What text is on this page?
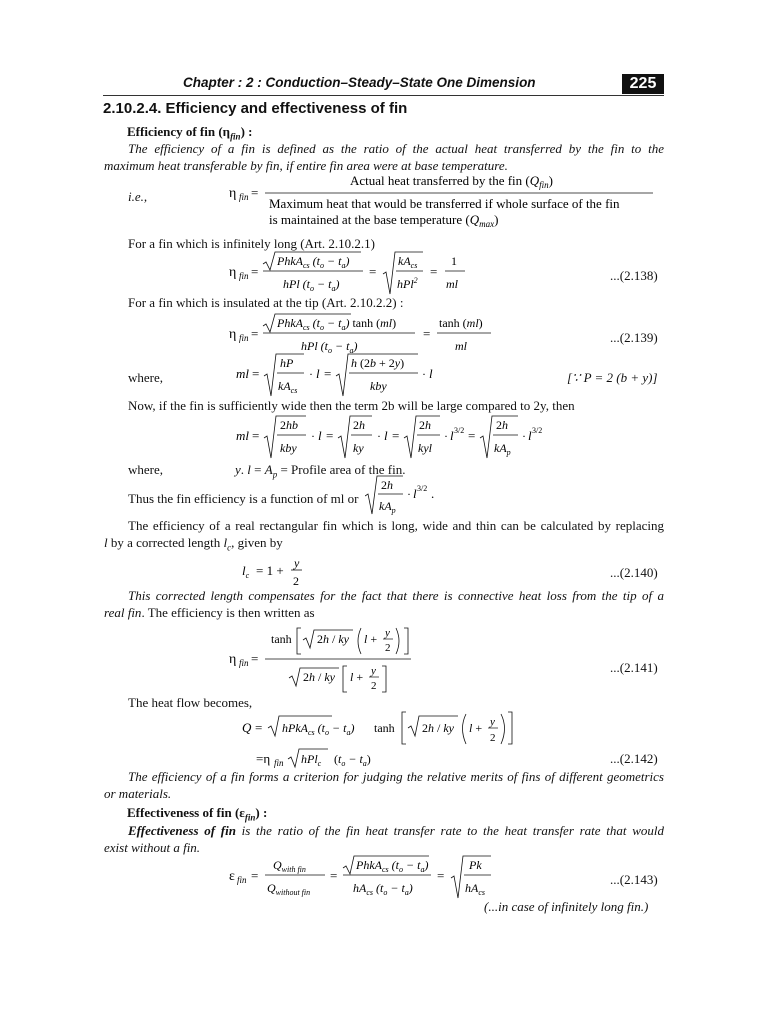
Chapter : 2 : Conduction–Steady–State One Dimension	225
2.10.2.4. Efficiency and effectiveness of fin
Efficiency of fin $(\eta_{fin})$ :
The efficiency of a fin is defined as the ratio of the actual heat transferred by the fin to the
maximum heat transferable by fin, if entire fin area were at base temperature.
i.e.,	η fin =
Actual heat transferred by the fin $(Q_{fin})$
Maximum heat that would be transferred if whole surface of the fin
is maintained at the base temperature $(Q_{max})$
For a fin which is infinitely long (Art. 2.10.2.1)
η fin =
PhkA$_{cs}$ $(t_o - t_a)$
hPl $(t_o - t_a)$
=
$kA_{cs}$
hPl$^2$
=
1
ml
...(2.138)
For a fin which is insulated at the tip (Art. 2.10.2.2) :
η fin =
PhkA$_{cs}$ $(t_o - t_a)$ tanh (ml)
hPl $(t_o - t_a)$
=
tanh (ml)
ml
...(2.139)
where,	ml =
hP
$kA_{cs}$
· l =
h (2b + 2y)
kby
· l	[∵ P = 2 (b + y)]
Now, if the fin is sufficiently wide then the term 2b will be large compared to 2y, then
ml =
2hb
kby
· l =
2h
ky
· l =
2h
kyl
· l 3/2 =
2h
$kA_p$
· l 3/2
where,	y. $l = A_p$ = Profile area of the fin.
Thus the fin efficiency is a function of ml or
2h
$kA_p$
· l 3/2 .
The efficiency of a real rectangular fin which is long, wide and thin can be calculated by replacing
l by a corrected length $l_c$, given by
$l_c = 1 + y$
2
...(2.140)
This corrected length compensates for the fact that there is connective heat loss from the tip of a
real fin. The efficiency is then written as
η fin =
tanh 2h / ky l + y
2
2h / ky l + y
2
...(2.141)
The heat flow becomes,
Q = hPkA$_{cs}$ $(t_o - t_a)$ tanh 2h / ky l + y
2
=η fin hPl$_c$ $(t_o - t_a)$	...(2.142)
The efficiency of a fin forms a criterion for judging the relative merits of fins of different geometrics
or materials.
Effectiveness of fin $(\varepsilon_{fin})$ :
Effectiveness of fin is the ratio of the fin heat transfer rate to the heat transfer rate that would
exist without a fin.
ε fin =
$Q_{with fin}$
$Q_{without fin}$
=
PhkA$_{cs}$ $(t_o - t_a)$
$hA_{cs}$ $(t_o - t_a)$
=
Pk
$hA_{cs}$
...(2.143)
(...in case of infinitely long fin.)
